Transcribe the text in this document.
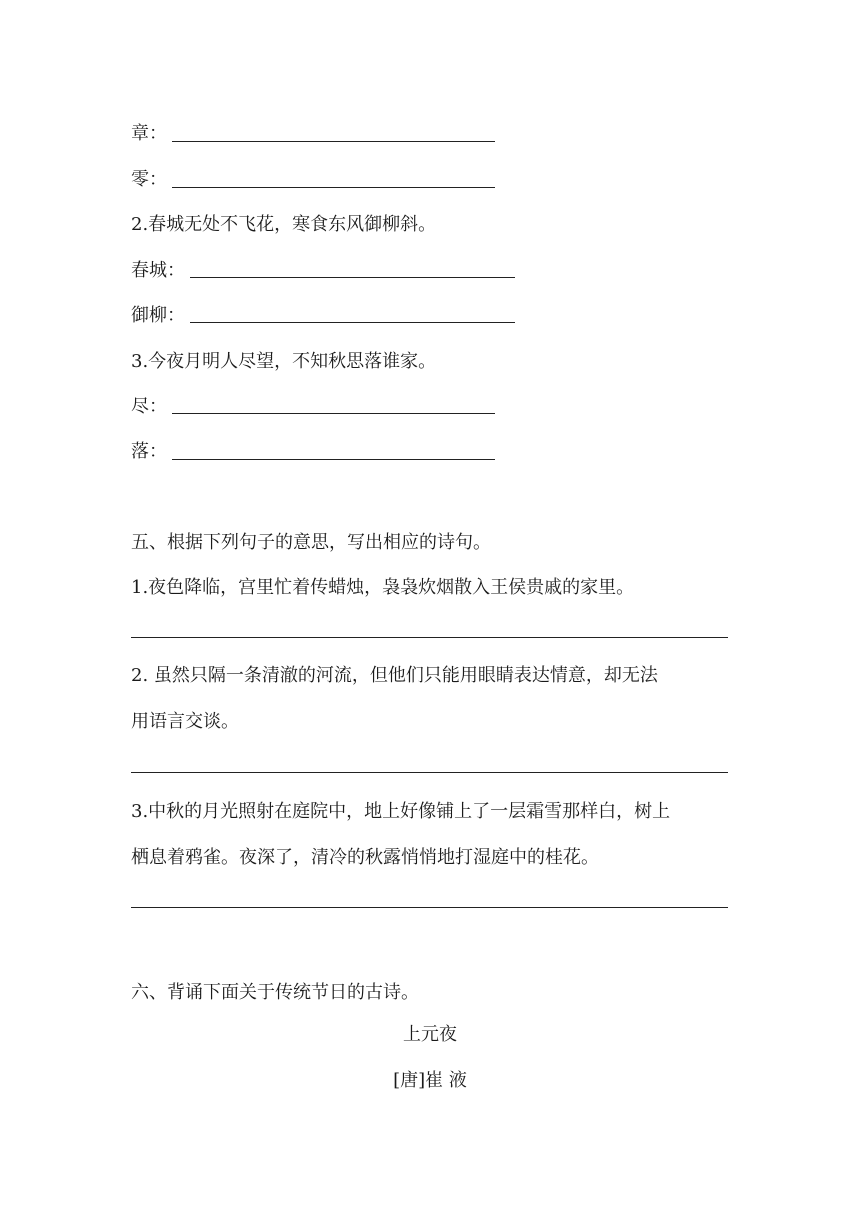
章：
零：
2.春城无处不飞花，寒食东风御柳斜。
春城：
御柳：
3.今夜月明人尽望，不知秋思落谁家。
尽：
落：
五、根据下列句子的意思，写出相应的诗句。
1.夜色降临，宫里忙着传蜡烛，袅袅炊烟散入王侯贵戚的家里。
2. 虽然只隔一条清澈的河流，但他们只能用眼睛表达情意，却无法
用语言交谈。
3.中秋的月光照射在庭院中，地上好像铺上了一层霜雪那样白，树上
栖息着鸦雀。夜深了，清冷的秋露悄悄地打湿庭中的桂花。
六、背诵下面关于传统节日的古诗。
上元夜
[唐]崔 液
